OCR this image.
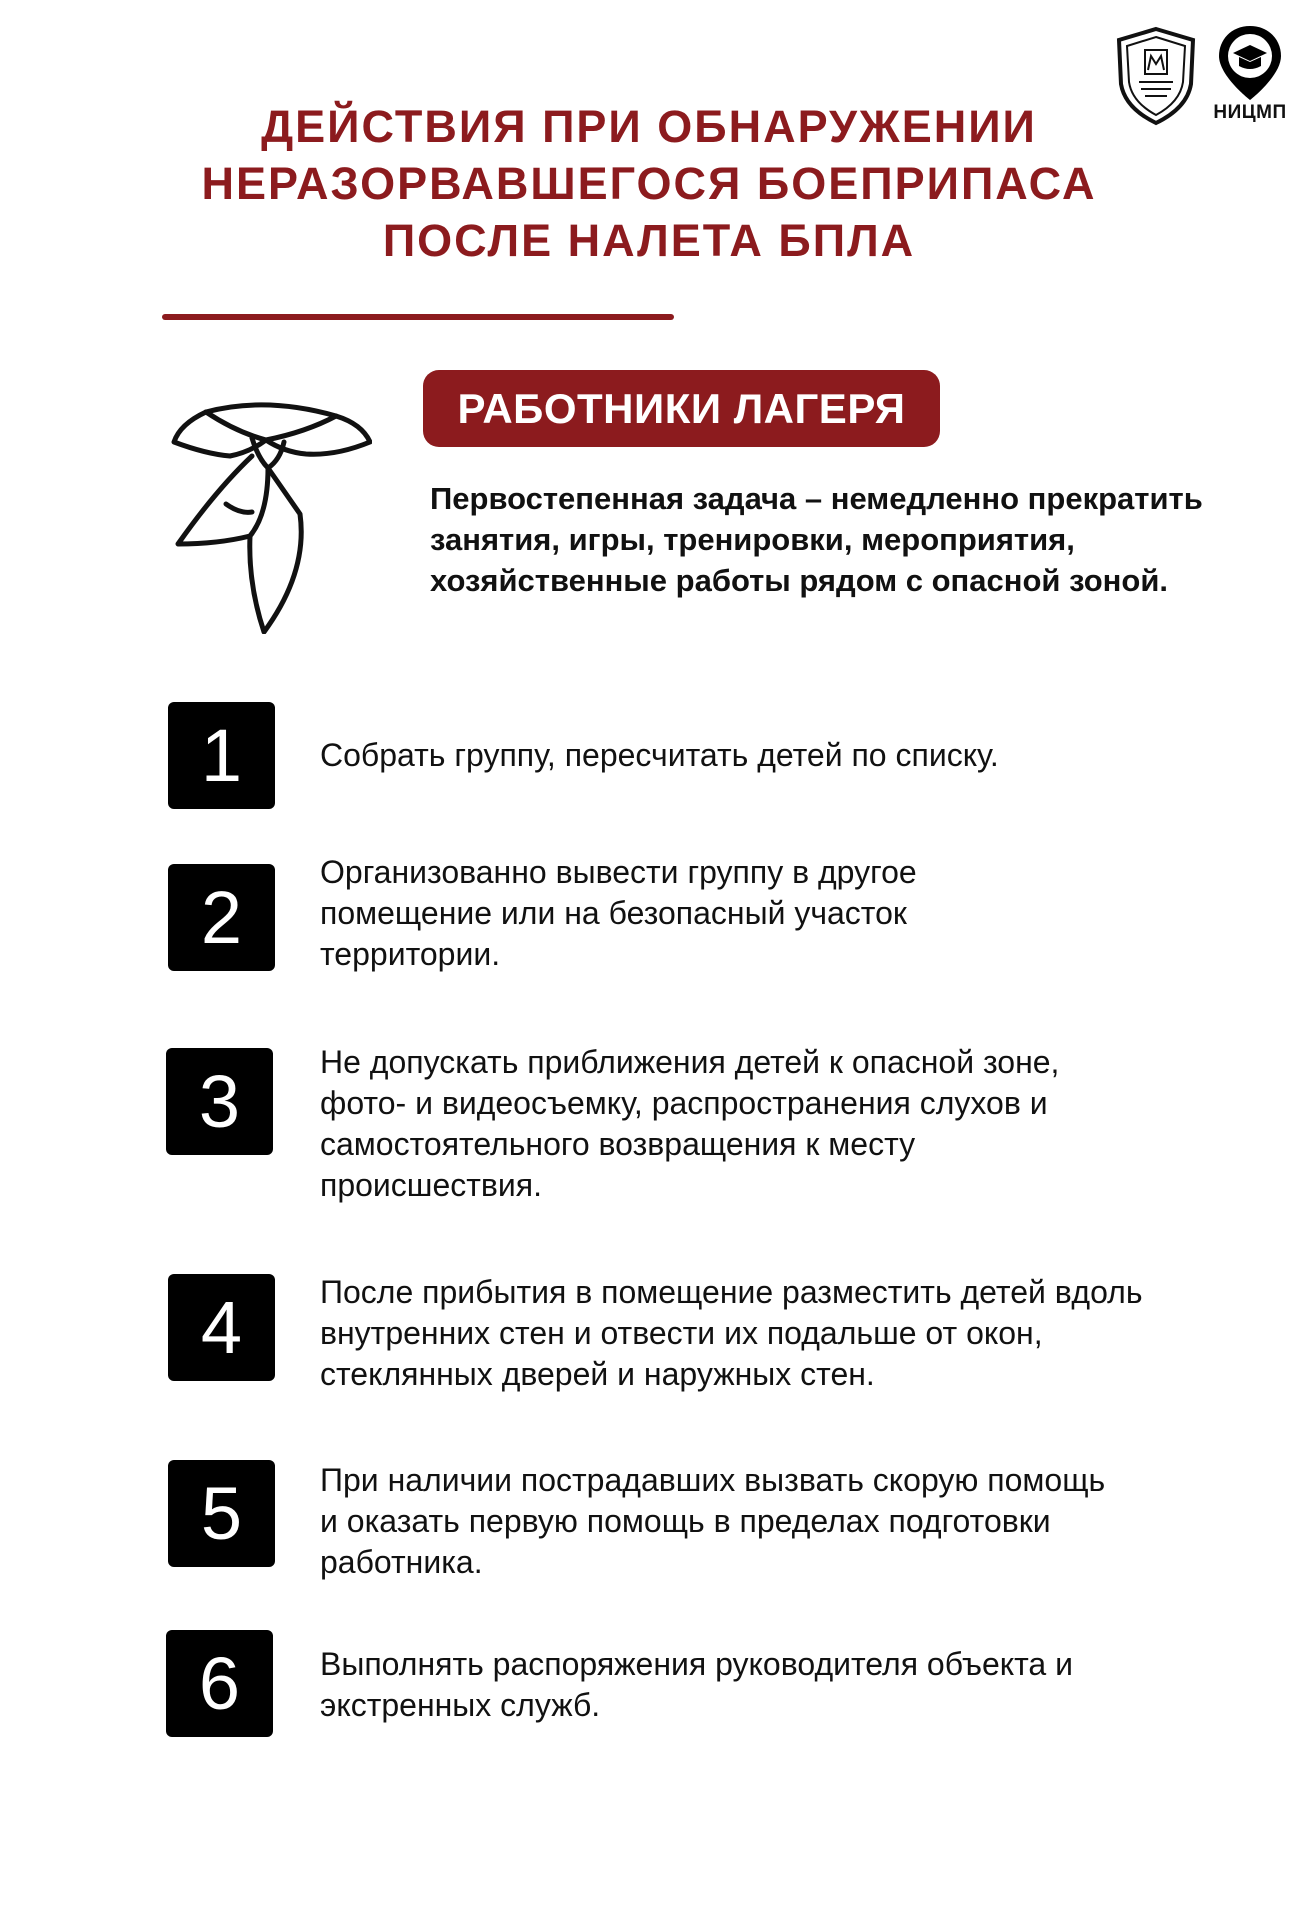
НИЦМП
ДЕЙСТВИЯ ПРИ ОБНАРУЖЕНИИ
НЕРАЗОРВАВШЕГОСЯ БОЕПРИПАСА
ПОСЛЕ НАЛЕТА БПЛА
РАБОТНИКИ ЛАГЕРЯ
Первостепенная задача – немедленно прекратить занятия, игры, тренировки, мероприятия, хозяйственные работы рядом с опасной зоной.
1	Собрать группу, пересчитать детей по списку.
2
Организованно вывести группу в другое помещение или на безопасный участок территории.
3	Не допускать приближения детей к опасной зоне, фото- и видеосъемку, распространения слухов и самостоятельного возвращения к месту происшествия.
4	После прибытия в помещение разместить детей вдоль внутренних стен и отвести их подальше от окон, стеклянных дверей и наружных стен.
5	При наличии пострадавших вызвать скорую помощь и оказать первую помощь в пределах подготовки работника.
6	Выполнять распоряжения руководителя объекта и экстренных служб.
